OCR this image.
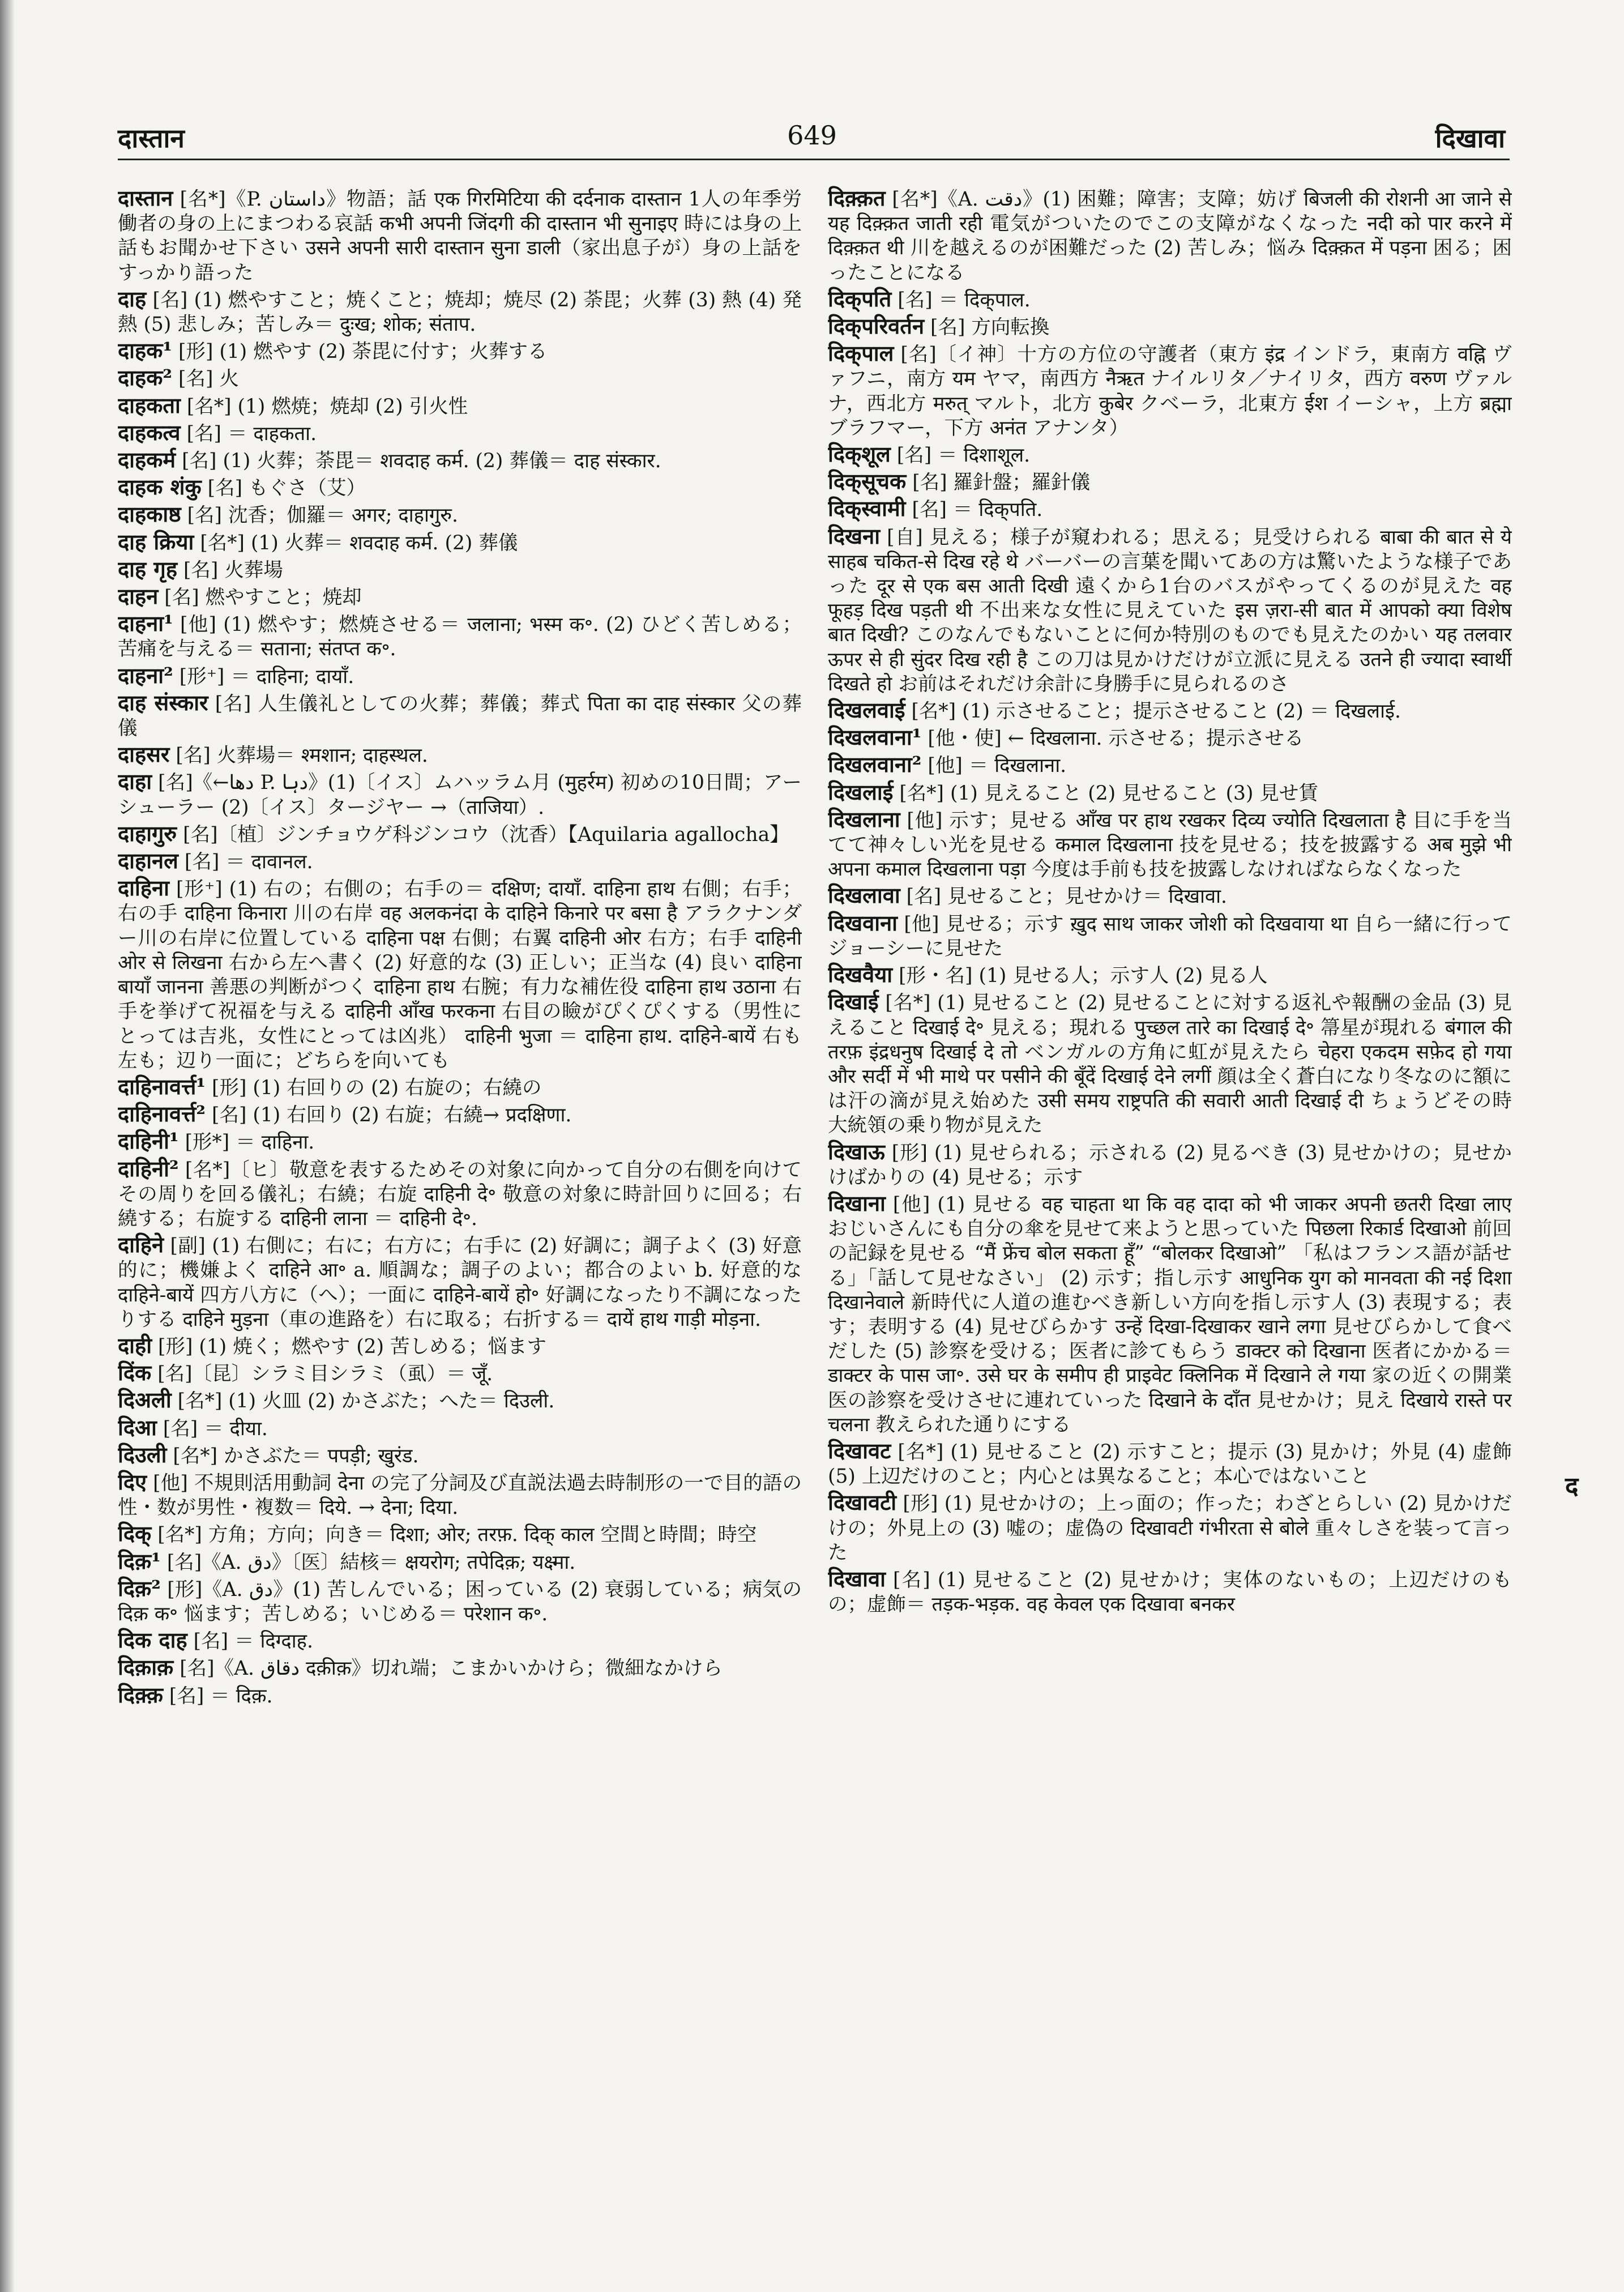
दास्तान	649	दिखावा
दास्तान [名*]《P. داستان》物語；話 एक गिरमिटिया की दर्दनाक दास्तान 1人の年季労働者の身の上にまつわる哀話 कभी अपनी जिंदगी की दास्तान भी सुनाइए 時には身の上話もお聞かせ下さい उसने अपनी सारी दास्तान सुना डाली（家出息子が）身の上話をすっかり語った
दाह [名] (1) 燃やすこと；焼くこと；焼却；焼尽 (2) 荼毘；火葬 (3) 熱 (4) 発熱 (5) 悲しみ；苦しみ＝ दुःख; शोक; संताप.
दाहक¹ [形] (1) 燃やす (2) 荼毘に付す；火葬する
दाहक² [名] 火
दाहकता [名*] (1) 燃焼；焼却 (2) 引火性
दाहकत्व [名] ＝ दाहकता.
दाहकर्म [名] (1) 火葬；荼毘＝ शवदाह कर्म. (2) 葬儀＝ दाह संस्कार.
दाहक शंकु [名] もぐさ（艾）
दाहकाष्ठ [名] 沈香；伽羅＝ अगर; दाहागुरु.
दाह क्रिया [名*] (1) 火葬＝ शवदाह कर्म. (2) 葬儀
दाह गृह [名] 火葬場
दाहन [名] 燃やすこと；焼却
दाहना¹ [他] (1) 燃やす；燃焼させる＝ जलाना; भस्म क॰. (2) ひどく苦しめる；苦痛を与える＝ सताना; संतप्त क॰.
दाहना² [形⁺] ＝ दाहिना; दायाँ.
दाह संस्कार [名] 人生儀礼としての火葬；葬儀；葬式 पिता का दाह संस्कार 父の葬儀
दाहसर [名] 火葬場＝ श्मशान; दाहस्थल.
दाहा [名]《←دها P. دہا》(1)〔イス〕ムハッラム月 (मुहर्रम) 初めの10日間；アーシューラー (2)〔イス〕タージヤー →（ताजिया）.
दाहागुरु [名]〔植〕ジンチョウゲ科ジンコウ（沈香）【Aquilaria agallocha】
दाहानल [名] ＝ दावानल.
दाहिना [形⁺] (1) 右の；右側の；右手の＝ दक्षिण; दायाँ. दाहिना हाथ 右側；右手；右の手 दाहिना किनारा 川の右岸 वह अलकनंदा के दाहिने किनारे पर बसा है アラクナンダー川の右岸に位置している दाहिना पक्ष 右側；右翼 दाहिनी ओर 右方；右手 दाहिनी ओर से लिखना 右から左へ書く (2) 好意的な (3) 正しい；正当な (4) 良い दाहिना बायाँ जानना 善悪の判断がつく दाहिना हाथ 右腕；有力な補佐役 दाहिना हाथ उठाना 右手を挙げて祝福を与える दाहिनी आँख फरकना 右目の瞼がぴくぴくする（男性にとっては吉兆，女性にとっては凶兆） दाहिनी भुजा ＝ दाहिना हाथ. दाहिने-बायें 右も左も；辺り一面に；どちらを向いても
दाहिनावर्त्त¹ [形] (1) 右回りの (2) 右旋の；右繞の
दाहिनावर्त्त² [名] (1) 右回り (2) 右旋；右繞→ प्रदक्षिणा.
दाहिनी¹ [形*] ＝ दाहिना.
दाहिनी² [名*]〔ヒ〕敬意を表するためその対象に向かって自分の右側を向けてその周りを回る儀礼；右繞；右旋 दाहिनी दे॰ 敬意の対象に時計回りに回る；右繞する；右旋する दाहिनी लाना ＝ दाहिनी दे॰.
दाहिने [副] (1) 右側に；右に；右方に；右手に (2) 好調に；調子よく (3) 好意的に；機嫌よく दाहिने आ॰ a. 順調な；調子のよい；都合のよい b. 好意的な दाहिने-बायें 四方八方に（へ）；一面に दाहिने-बायें हो॰ 好調になったり不調になったりする दाहिने मुड़ना（車の進路を）右に取る；右折する＝ दायें हाथ गाड़ी मोड़ना.
दाही [形] (1) 焼く；燃やす (2) 苦しめる；悩ます
दिंक [名]〔昆〕シラミ目シラミ（虱）＝ जूँ.
दिअली [名*] (1) 火皿 (2) かさぶた；へた＝ दिउली.
दिआ [名] ＝ दीया.
दिउली [名*] かさぶた＝ पपड़ी; खुरंड.
दिए [他] 不規則活用動詞 देना の完了分詞及び直説法過去時制形の一で目的語の性・数が男性・複数＝ दिये. → देना; दिया.
दिक् [名*] 方角；方向；向き＝ दिशा; ओर; तरफ़. दिक् काल 空間と時間；時空
दिक़¹ [名]《A. دق》〔医〕結核＝ क्षयरोग; तपेदिक़; यक्ष्मा.
दिक़² [形]《A. دق》(1) 苦しんでいる；困っている (2) 衰弱している；病気の दिक़ क॰ 悩ます；苦しめる；いじめる＝ परेशान क॰.
दिक दाह [名] ＝ दिग्दाह.
दिक़ाक़ [名]《A. دقاق दक़ीक़》切れ端；こまかいかけら；微細なかけら
दिक़्क़ [名] ＝ दिक़.
दिक़्क़त [名*]《A. دقت》(1) 困難；障害；支障；妨げ बिजली की रोशनी आ जाने से यह दिक़्क़त जाती रही 電気がついたのでこの支障がなくなった नदी को पार करने में दिक़्क़त थी 川を越えるのが困難だった (2) 苦しみ；悩み दिक़्क़त में पड़ना 困る；困ったことになる
दिक्‌पति [名] ＝ दिक्‌पाल.
दिक्‌परिवर्तन [名] 方向転換
दिक्‌पाल [名]〔イ神〕十方の方位の守護者（東方 इंद्र インドラ，東南方 वह्नि ヴァフニ，南方 यम ヤマ，南西方 नैऋत ナイルリタ／ナイリタ，西方 वरुण ヴァルナ，西北方 मरुत् マルト，北方 कुबेर クベーラ，北東方 ईश イーシャ，上方 ब्रह्मा ブラフマー，下方 अनंत アナンタ）
दिक्‌शूल [名] ＝ दिशाशूल.
दिक्‌सूचक [名] 羅針盤；羅針儀
दिक्‌स्वामी [名] ＝ दिक्‌पति.
दिखना [自] 見える；様子が窺われる；思える；見受けられる बाबा की बात से ये साहब चकित-से दिख रहे थे バーバーの言葉を聞いてあの方は驚いたような様子であった दूर से एक बस आती दिखी 遠くから1台のバスがやってくるのが見えた वह फूहड़ दिख पड़ती थी 不出来な女性に見えていた इस ज़रा-सी बात में आपको क्या विशेष बात दिखी? このなんでもないことに何か特別のものでも見えたのかい यह तलवार ऊपर से ही सुंदर दिख रही है この刀は見かけだけが立派に見える उतने ही ज्यादा स्वार्थी दिखते हो お前はそれだけ余計に身勝手に見られるのさ
दिखलवाई [名*] (1) 示させること；提示させること (2) ＝ दिखलाई.
दिखलवाना¹ [他・使] ← दिखलाना. 示させる；提示させる
दिखलवाना² [他] ＝ दिखलाना.
दिखलाई [名*] (1) 見えること (2) 見せること (3) 見せ賃
दिखलाना [他] 示す；見せる आँख पर हाथ रखकर दिव्य ज्योति दिखलाता है 目に手を当てて神々しい光を見せる कमाल दिखलाना 技を見せる；技を披露する अब मुझे भी अपना कमाल दिखलाना पड़ा 今度は手前も技を披露しなければならなくなった
दिखलावा [名] 見せること；見せかけ＝ दिखावा.
दिखवाना [他] 見せる；示す ख़ुद साथ जाकर जोशी को दिखवाया था 自ら一緒に行ってジョーシーに見せた
दिखवैया [形・名] (1) 見せる人；示す人 (2) 見る人
दिखाई [名*] (1) 見せること (2) 見せることに対する返礼や報酬の金品 (3) 見えること दिखाई दे॰ 見える；現れる पुच्छल तारे का दिखाई दे॰ 箒星が現れる बंगाल की तरफ़ इंद्रधनुष दिखाई दे तो ベンガルの方角に虹が見えたら चेहरा एकदम सफ़ेद हो गया और सर्दी में भी माथे पर पसीने की बूँदें दिखाई देने लगीं 顔は全く蒼白になり冬なのに額には汗の滴が見え始めた उसी समय राष्ट्रपति की सवारी आती दिखाई दी ちょうどその時大統領の乗り物が見えた
दिखाऊ [形] (1) 見せられる；示される (2) 見るべき (3) 見せかけの；見せかけばかりの (4) 見せる；示す
दिखाना [他] (1) 見せる वह चाहता था कि वह दादा को भी जाकर अपनी छतरी दिखा लाए おじいさんにも自分の傘を見せて来ようと思っていた पिछला रिकार्ड दिखाओ 前回の記録を見せる “मैं फ्रेंच बोल सकता हूँ” “बोलकर दिखाओ” 「私はフランス語が話せる」「話して見せなさい」 (2) 示す；指し示す आधुनिक युग को मानवता की नई दिशा दिखानेवाले 新時代に人道の進むべき新しい方向を指し示す人 (3) 表現する；表す；表明する (4) 見せびらかす उन्हें दिखा-दिखाकर खाने लगा 見せびらかして食べだした (5) 診察を受ける；医者に診てもらう डाक्टर को दिखाना 医者にかかる＝ डाक्टर के पास जा॰. उसे घर के समीप ही प्राइवेट क्लिनिक में दिखाने ले गया 家の近くの開業医の診察を受けさせに連れていった दिखाने के दाँत 見せかけ；見え दिखाये रास्ते पर चलना 教えられた通りにする
दिखावट [名*] (1) 見せること (2) 示すこと；提示 (3) 見かけ；外見 (4) 虚飾 (5) 上辺だけのこと；内心とは異なること；本心ではないこと
दिखावटी [形] (1) 見せかけの；上っ面の；作った；わざとらしい (2) 見かけだけの；外見上の (3) 嘘の；虚偽の दिखावटी गंभीरता से बोले 重々しさを装って言った
दिखावा [名] (1) 見せること (2) 見せかけ；実体のないもの；上辺だけのもの；虚飾＝ तड़क-भड़क. वह केवल एक दिखावा बनकर
द
